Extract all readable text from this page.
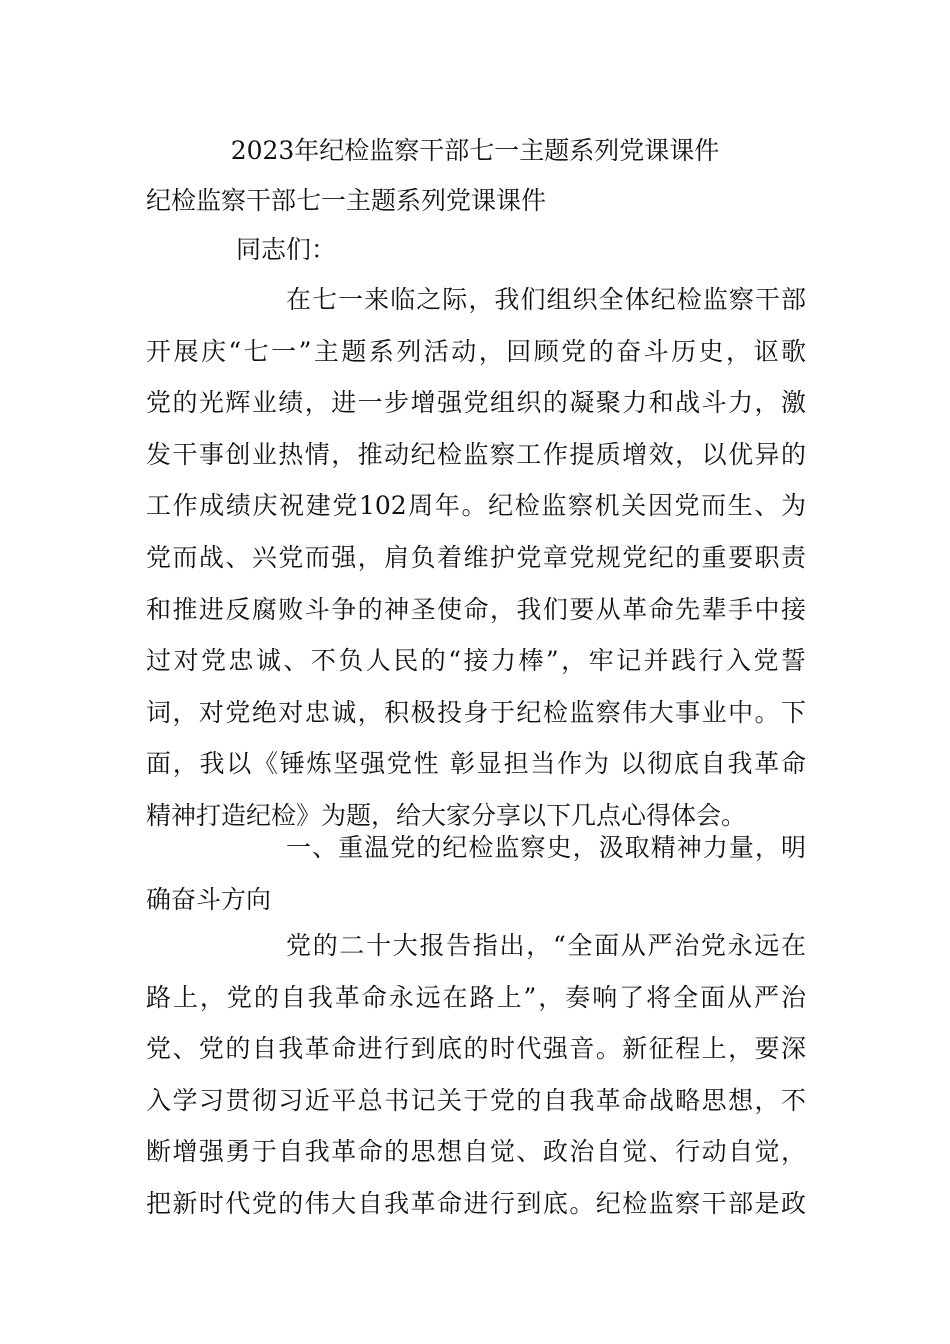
2023年纪检监察干部七一主题系列党课课件
纪检监察干部七一主题系列党课课件
同志们：
在七一来临之际，我们组织全体纪检监察干部
开展庆“七一”主题系列活动，回顾党的奋斗历史，讴歌
党的光辉业绩，进一步增强党组织的凝聚力和战斗力，激
发干事创业热情，推动纪检监察工作提质增效，以优异的
工作成绩庆祝建党102周年。纪检监察机关因党而生、为
党而战、兴党而强，肩负着维护党章党规党纪的重要职责
和推进反腐败斗争的神圣使命，我们要从革命先辈手中接
过对党忠诚、不负人民的“接力棒”，牢记并践行入党誓
词，对党绝对忠诚，积极投身于纪检监察伟大事业中。下
面，我以《锤炼坚强党性 彰显担当作为 以彻底自我革命
精神打造纪检》为题，给大家分享以下几点心得体会。
一、重温党的纪检监察史，汲取精神力量，明
确奋斗方向
党的二十大报告指出，“全面从严治党永远在
路上，党的自我革命永远在路上”，奏响了将全面从严治
党、党的自我革命进行到底的时代强音。新征程上，要深
入学习贯彻习近平总书记关于党的自我革命战略思想，不
断增强勇于自我革命的思想自觉、政治自觉、行动自觉，
把新时代党的伟大自我革命进行到底。纪检监察干部是政
